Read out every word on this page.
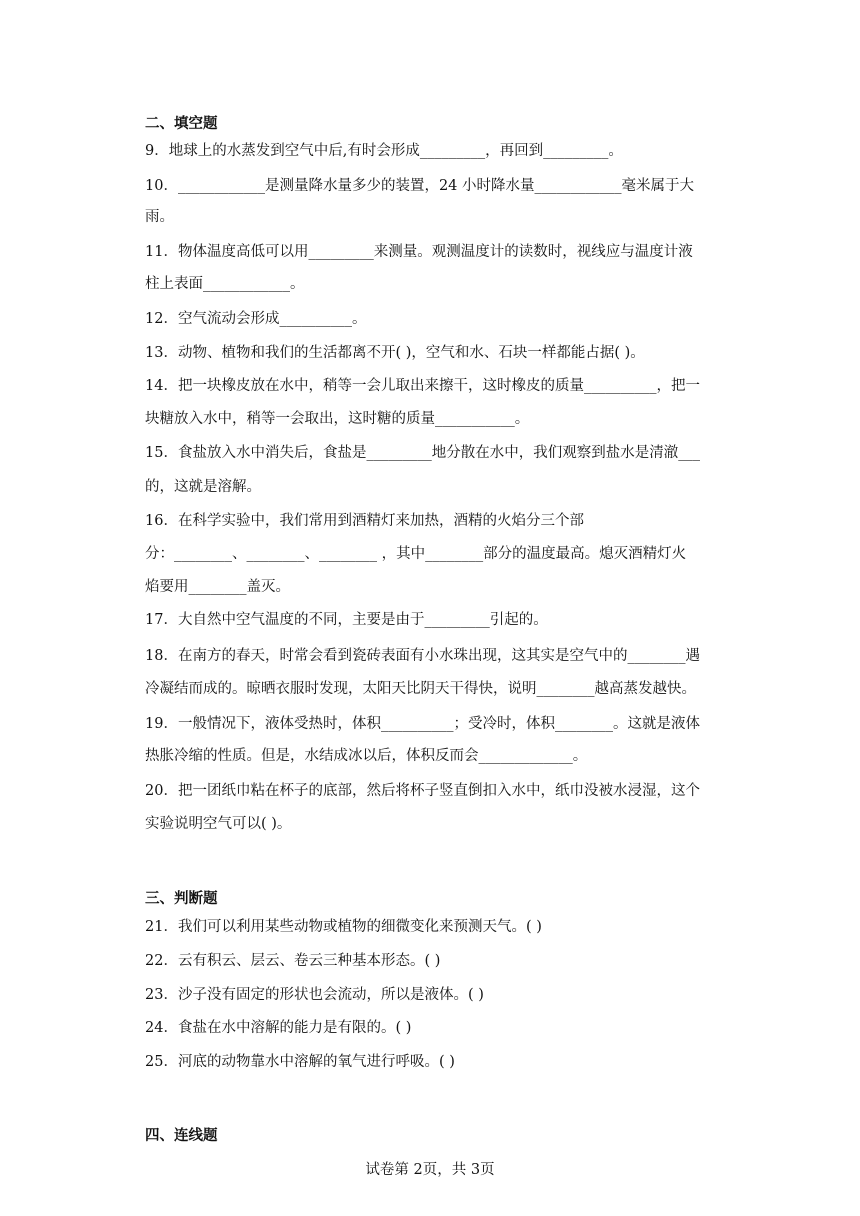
二、填空题
9．地球上的水蒸发到空气中后,有时会形成_________，再回到_________。
10．____________是测量降水量多少的装置，24 小时降水量____________毫米属于大
雨。
11．物体温度高低可以用_________来测量。观测温度计的读数时，视线应与温度计液
柱上表面____________。
12．空气流动会形成__________。
13．动物、植物和我们的生活都离不开( )，空气和水、石块一样都能占据( )。
14．把一块橡皮放在水中，稍等一会儿取出来擦干，这时橡皮的质量__________，把一
块糖放入水中，稍等一会取出，这时糖的质量___________。
15．食盐放入水中消失后，食盐是_________地分散在水中，我们观察到盐水是清澈___
的，这就是溶解。
16．在科学实验中，我们常用到酒精灯来加热，酒精的火焰分三个部
分：________、________、________ ，其中________部分的温度最高。熄灭酒精灯火
焰要用________盖灭。
17．大自然中空气温度的不同，主要是由于_________引起的。
18．在南方的春天，时常会看到瓷砖表面有小水珠出现，这其实是空气中的________遇
冷凝结而成的。晾晒衣服时发现，太阳天比阴天干得快，说明________越高蒸发越快。
19．一般情况下，液体受热时，体积__________；受冷时，体积________。这就是液体
热胀冷缩的性质。但是，水结成冰以后，体积反而会_____________。
20．把一团纸巾粘在杯子的底部，然后将杯子竖直倒扣入水中，纸巾没被水浸湿，这个
实验说明空气可以( )。
三、判断题
21．我们可以利用某些动物或植物的细微变化来预测天气。( )
22．云有积云、层云、卷云三种基本形态。( )
23．沙子没有固定的形状也会流动，所以是液体。( )
24．食盐在水中溶解的能力是有限的。( )
25．河底的动物靠水中溶解的氧气进行呼吸。( )
四、连线题
试卷第 2页，共 3页
